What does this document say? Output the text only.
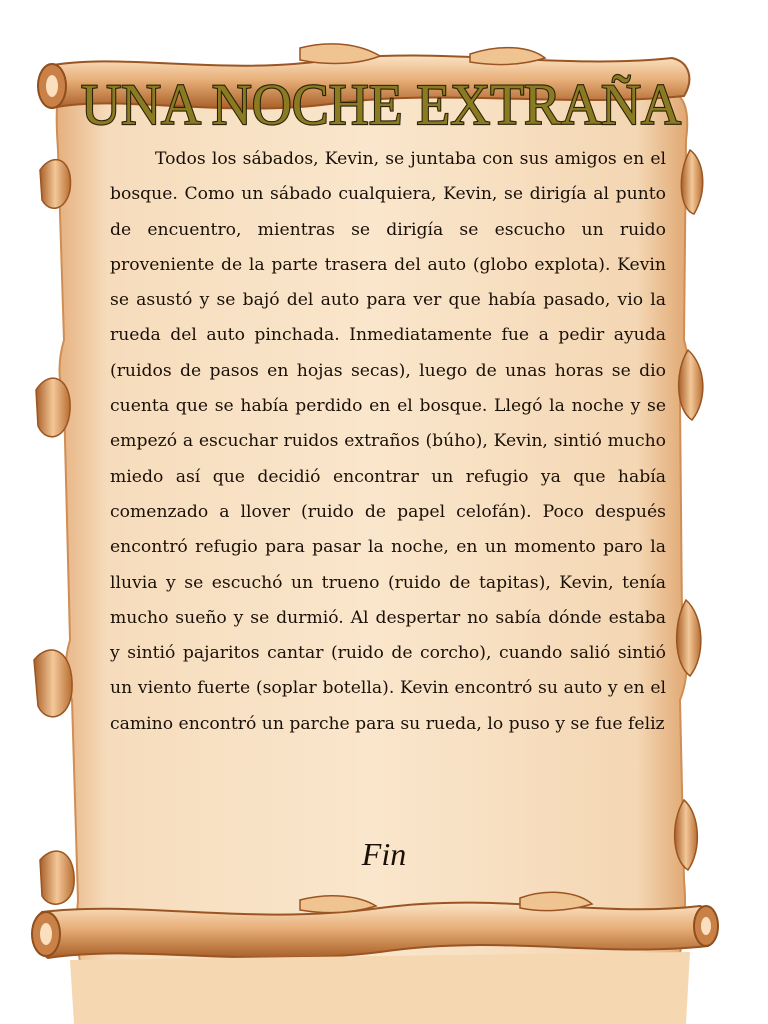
UNA NOCHE EXTRAÑA

Todos los sábados, Kevin, se juntaba con sus amigos en el bosque. Como un sábado cualquiera, Kevin, se dirigía al punto de encuentro, mientras se dirigía se escucho un ruido proveniente de la parte trasera del auto (globo explota). Kevin se asustó y se bajó del auto para ver que había pasado, vio la rueda del auto pinchada. Inmediatamente fue a pedir ayuda (ruidos de pasos en hojas secas), luego de unas horas se dio cuenta que se había perdido en el bosque. Llegó la noche y se empezó a escuchar ruidos extraños (búho), Kevin, sintió mucho miedo así que decidió encontrar un refugio ya que había comenzado a llover (ruido de papel celofán). Poco después encontró refugio para pasar la noche, en un momento paro la lluvia y se escuchó un trueno (ruido de tapitas), Kevin, tenía mucho sueño y se durmió. Al despertar no sabía dónde estaba y sintió pajaritos cantar (ruido de corcho), cuando salió sintió un viento fuerte (soplar botella). Kevin encontró su auto y en el camino encontró un parche para su rueda, lo puso y se fue feliz

Fin
